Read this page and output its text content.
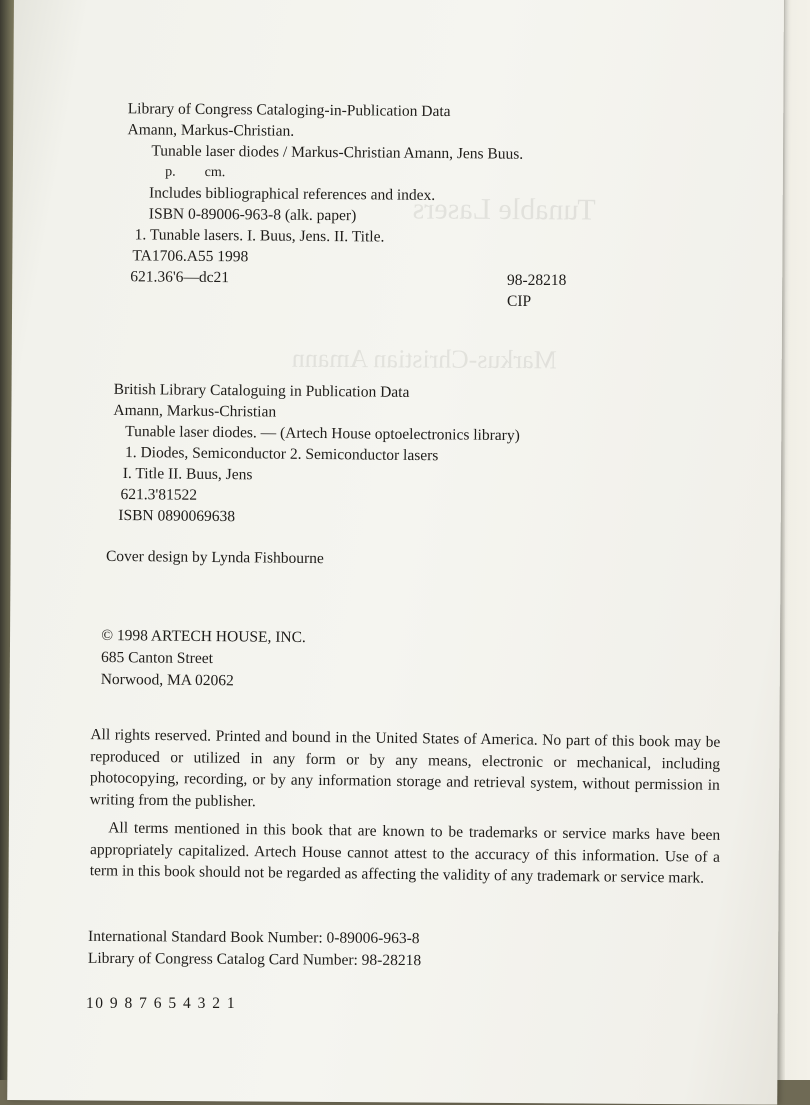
Tunable Lasers
Markus-Christian Amann
Library of Congress Cataloging-in-Publication Data
Amann, Markus-Christian.
Tunable laser diodes / Markus-Christian Amann, Jens Buus.
p. cm.
Includes bibliographical references and index.
ISBN 0-89006-963-8 (alk. paper)
1. Tunable lasers. I. Buus, Jens. II. Title.
TA1706.A55 1998
621.36'6—dc21	98-28218
CIP
British Library Cataloguing in Publication Data
Amann, Markus-Christian
Tunable laser diodes. — (Artech House optoelectronics library)
1. Diodes, Semiconductor 2. Semiconductor lasers
I. Title II. Buus, Jens
621.3'81522
ISBN 0890069638
Cover design by Lynda Fishbourne
© 1998 ARTECH HOUSE, INC.
685 Canton Street
Norwood, MA 02062
All rights reserved. Printed and bound in the United States of America. No part of this book may be reproduced or utilized in any form or by any means, electronic or mechanical, including photocopying, recording, or by any information storage and retrieval system, without permission in writing from the publisher.
All terms mentioned in this book that are known to be trademarks or service marks have been appropriately capitalized. Artech House cannot attest to the accuracy of this information. Use of a term in this book should not be regarded as affecting the validity of any trademark or service mark.
International Standard Book Number: 0-89006-963-8
Library of Congress Catalog Card Number: 98-28218
10 9 8 7 6 5 4 3 2 1
